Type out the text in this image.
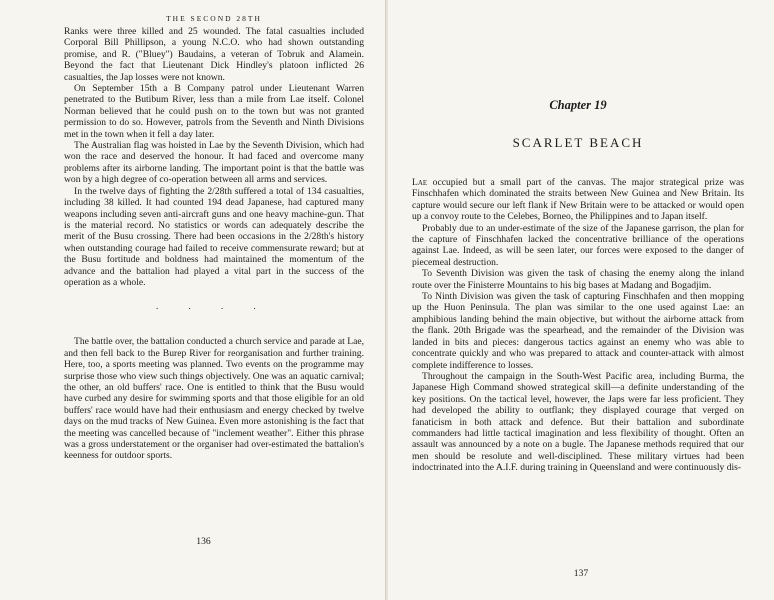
THE SECOND 28TH

Ranks were three killed and 25 wounded. The fatal casualties included Corporal Bill Phillipson, a young N.C.O. who had shown outstanding promise, and R. ("Bluey") Baudains, a veteran of Tobruk and Alamein. Beyond the fact that Lieutenant Dick Hindley's platoon inflicted 26 casualties, the Jap losses were not known.

On September 15th a B Company patrol under Lieutenant Warren penetrated to the Butibum River, less than a mile from Lae itself. Colonel Norman believed that he could push on to the town but was not granted permission to do so. However, patrols from the Seventh and Ninth Divisions met in the town when it fell a day later.

The Australian flag was hoisted in Lae by the Seventh Division, which had won the race and deserved the honour. It had faced and overcome many problems after its airborne landing. The important point is that the battle was won by a high degree of co-operation between all arms and services.

In the twelve days of fighting the 2/28th suffered a total of 134 casualties, including 38 killed. It had counted 194 dead Japanese, had captured many weapons including seven anti-aircraft guns and one heavy machine-gun. That is the material record. No statistics or words can adequately describe the merit of the Busu crossing. There had been occasions in the 2/28th's history when outstanding courage had failed to receive commensurate reward; but at the Busu fortitude and boldness had maintained the momentum of the advance and the battalion had played a vital part in the success of the operation as a whole.

. . . .

The battle over, the battalion conducted a church service and parade at Lae, and then fell back to the Burep River for reorganisation and further training. Here, too, a sports meeting was planned. Two events on the programme may surprise those who view such things objectively. One was an aquatic carnival; the other, an old buffers' race. One is entitled to think that the Busu would have curbed any desire for swimming sports and that those eligible for an old buffers' race would have had their enthusiasm and energy checked by twelve days on the mud tracks of New Guinea. Even more astonishing is the fact that the meeting was cancelled because of "inclement weather". Either this phrase was a gross understatement or the organiser had over-estimated the battalion's keenness for outdoor sports.

136
Chapter 19
SCARLET BEACH

Lae occupied but a small part of the canvas. The major strategical prize was Finschhafen which dominated the straits between New Guinea and New Britain. Its capture would secure our left flank if New Britain were to be attacked or would open up a convoy route to the Celebes, Borneo, the Philippines and to Japan itself.

Probably due to an under-estimate of the size of the Japanese garrison, the plan for the capture of Finschhafen lacked the concentrative brilliance of the operations against Lae. Indeed, as will be seen later, our forces were exposed to the danger of piecemeal destruction.

To Seventh Division was given the task of chasing the enemy along the inland route over the Finisterre Mountains to his big bases at Madang and Bogadjim.

To Ninth Division was given the task of capturing Finschhafen and then mopping up the Huon Peninsula. The plan was similar to the one used against Lae: an amphibious landing behind the main objective, but without the airborne attack from the flank. 20th Brigade was the spearhead, and the remainder of the Division was landed in bits and pieces: dangerous tactics against an enemy who was able to concentrate quickly and who was prepared to attack and counter-attack with almost complete indifference to losses.

Throughout the campaign in the South-West Pacific area, including Burma, the Japanese High Command showed strategical skill—a definite understanding of the key positions. On the tactical level, however, the Japs were far less proficient. They had developed the ability to outflank; they displayed courage that verged on fanaticism in both attack and defence. But their battalion and subordinate commanders had little tactical imagination and less flexibility of thought. Often an assault was announced by a note on a bugle. The Japanese methods required that our men should be resolute and well-disciplined. These military virtues had been indoctrinated into the A.I.F. during training in Queensland and were continuously dis-

137
